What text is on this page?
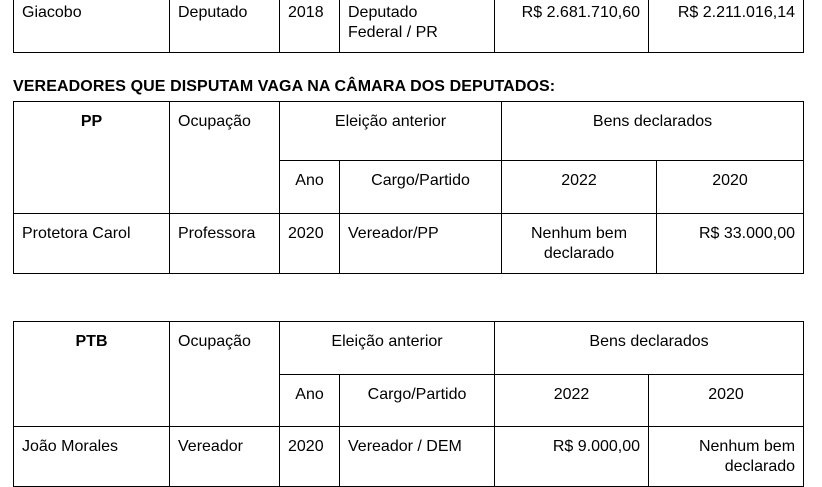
Giacobo	Deputado	2018	Deputado
Federal / PR
	R$ 2.681.710,60	R$ 2.211.016,14
VEREADORES QUE DISPUTAM VAGA NA CÂMARA DOS DEPUTADOS:
PP	Ocupação	Eleição anterior		Bens declarados	
		Ano	Cargo/Partido	2022	2020
Protetora Carol	Professora	2020	Vereador/PP	Nenhum bem
declarado	R$ 33.000,00
PTB	Ocupação	Eleição anterior		Bens declarados	
		Ano	Cargo/Partido	2022	2020
João Morales	Vereador	2020	Vereador / DEM	R$ 9.000,00	Nenhum bem
declarado
